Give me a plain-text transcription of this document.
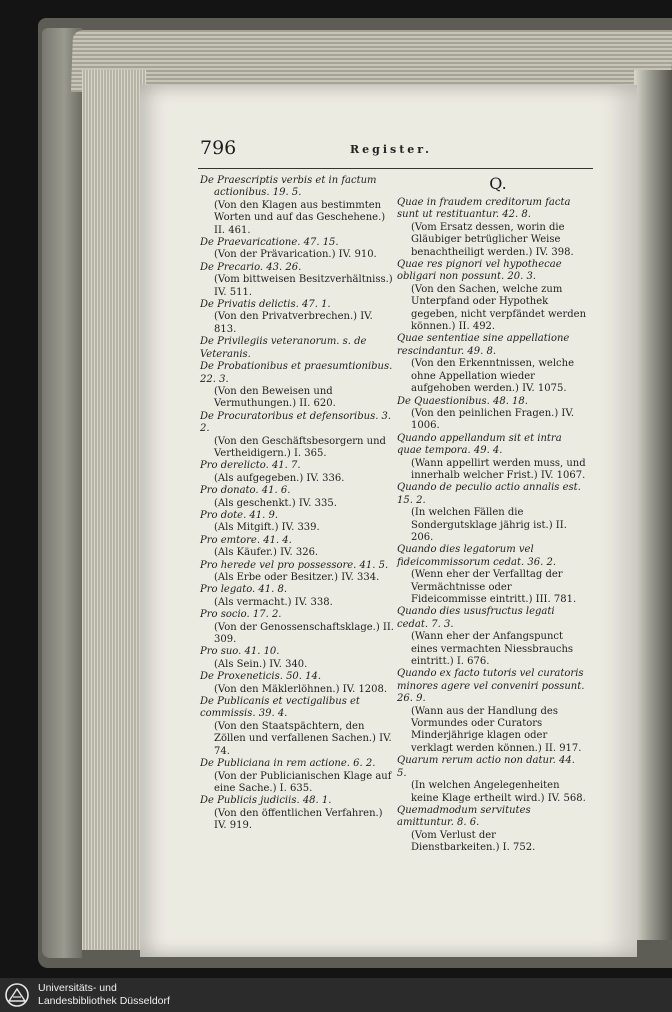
796	Register.
De Praescriptis verbis et in factum
actionibus. 19. 5.
(Von den Klagen aus bestimmten Worten und auf das Geschehene.) II. 461.
De Praevaricatione. 47. 15.
(Von der Prävarication.) IV. 910.
De Precario. 43. 26.
(Vom bittweisen Besitzverhältniss.) IV. 511.
De Privatis delictis. 47. 1.
(Von den Privatverbrechen.) IV. 813.
De Privilegiis veteranorum. s. de Veteranis.
De Probationibus et praesumtionibus. 22. 3.
(Von den Beweisen und Vermuthungen.) II. 620.
De Procuratoribus et defensoribus. 3. 2.
(Von den Geschäftsbesorgern und Vertheidigern.) I. 365.
Pro derelicto. 41. 7.
(Als aufgegeben.) IV. 336.
Pro donato. 41. 6.
(Als geschenkt.) IV. 335.
Pro dote. 41. 9.
(Als Mitgift.) IV. 339.
Pro emtore. 41. 4.
(Als Käufer.) IV. 326.
Pro herede vel pro possessore. 41. 5.
(Als Erbe oder Besitzer.) IV. 334.
Pro legato. 41. 8.
(Als vermacht.) IV. 338.
Pro socio. 17. 2.
(Von der Genossenschaftsklage.) II. 309.
Pro suo. 41. 10.
(Als Sein.) IV. 340.
De Proxeneticis. 50. 14.
(Von den Mäklerlöhnen.) IV. 1208.
De Publicanis et vectigalibus et commissis. 39. 4.
(Von den Staatspächtern, den Zöllen und verfallenen Sachen.) IV. 74.
De Publiciana in rem actione. 6. 2.
(Von der Publicianischen Klage auf eine Sache.) I. 635.
De Publicis judiciis. 48. 1.
(Von den öffentlichen Verfahren.) IV. 919.
Q.
Quae in fraudem creditorum facta sunt ut restituantur. 42. 8.
(Vom Ersatz dessen, worin die Gläubiger betrüglicher Weise benachtheiligt werden.) IV. 398.
Quae res pignori vel hypothecae obligari non possunt. 20. 3.
(Von den Sachen, welche zum Unterpfand oder Hypothek gegeben, nicht verpfändet werden können.) II. 492.
Quae sententiae sine appellatione rescindantur. 49. 8.
(Von den Erkenntnissen, welche ohne Appellation wieder aufgehoben werden.) IV. 1075.
De Quaestionibus. 48. 18.
(Von den peinlichen Fragen.) IV. 1006.
Quando appellandum sit et intra quae tempora. 49. 4.
(Wann appellirt werden muss, und innerhalb welcher Frist.) IV. 1067.
Quando de peculio actio annalis est. 15. 2.
(In welchen Fällen die Sondergutsklage jährig ist.) II. 206.
Quando dies legatorum vel fideicommissorum cedat. 36. 2.
(Wenn eher der Verfalltag der Vermächtnisse oder Fideicommisse eintritt.) III. 781.
Quando dies ususfructus legati cedat. 7. 3.
(Wann eher der Anfangspunct eines vermachten Niessbrauchs eintritt.) I. 676.
Quando ex facto tutoris vel curatoris minores agere vel conveniri possunt. 26. 9.
(Wann aus der Handlung des Vormundes oder Curators Minderjährige klagen oder verklagt werden können.) II. 917.
Quarum rerum actio non datur. 44. 5.
(In welchen Angelegenheiten keine Klage ertheilt wird.) IV. 568.
Quemadmodum servitutes amittuntur. 8. 6.
(Vom Verlust der Dienstbarkeiten.) I. 752.
Universitäts- und
Landesbibliothek Düsseldorf
